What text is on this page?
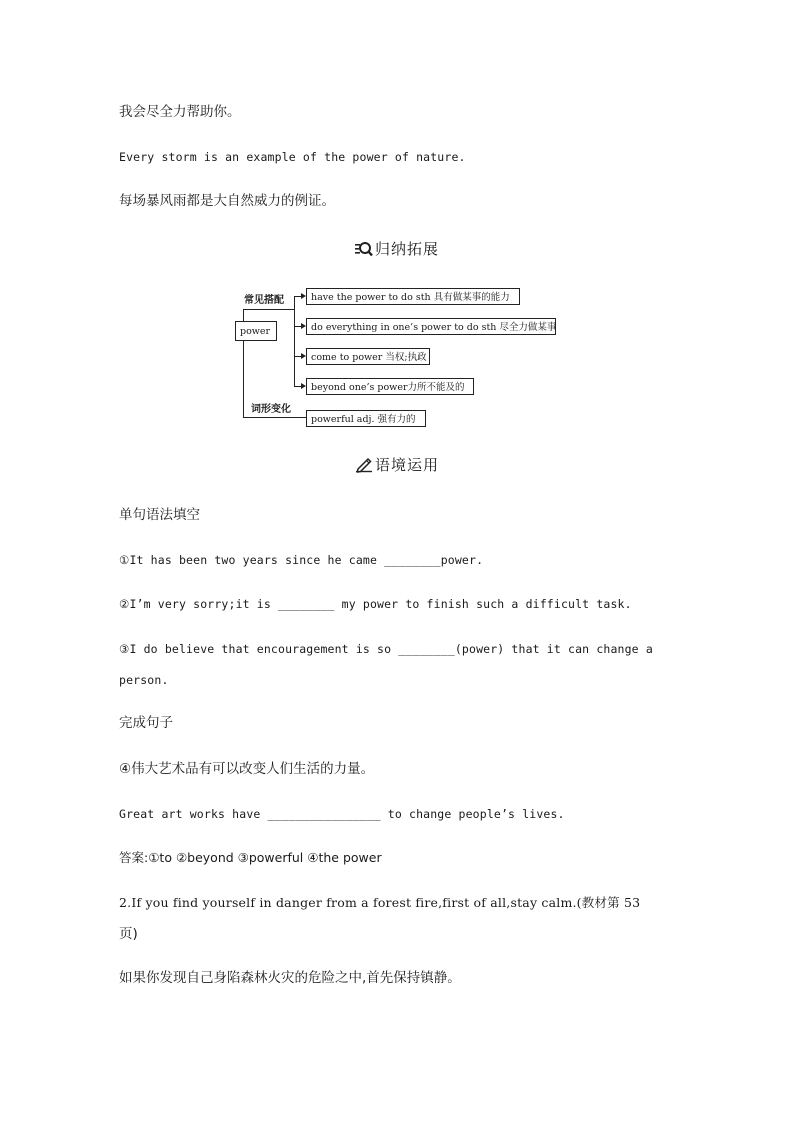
我会尽全力帮助你。
Every storm is an example of the power of nature.
每场暴风雨都是大自然威力的例证。
归纳拓展
power
常见搭配
词形变化
have the power to do sth 具有做某事的能力
do everything in one’s power to do sth 尽全力做某事
come to power 当权;执政
beyond one’s power力所不能及的
powerful adj. 强有力的
语境运用
单句语法填空
①It has been two years since he came ________power.
②I’m very sorry;it is ________ my power to finish such a difficult task.
③I do believe that encouragement is so ________(power) that it can change a
person.
完成句子
④伟大艺术品有可以改变人们生活的力量。
Great art works have ________________ to change people’s lives.
答案:①to ②beyond ③powerful ④the power
2.If you find yourself in danger from a forest fire,first of all,stay calm.(教材第 53
页)
如果你发现自己身陷森林火灾的危险之中,首先保持镇静。
